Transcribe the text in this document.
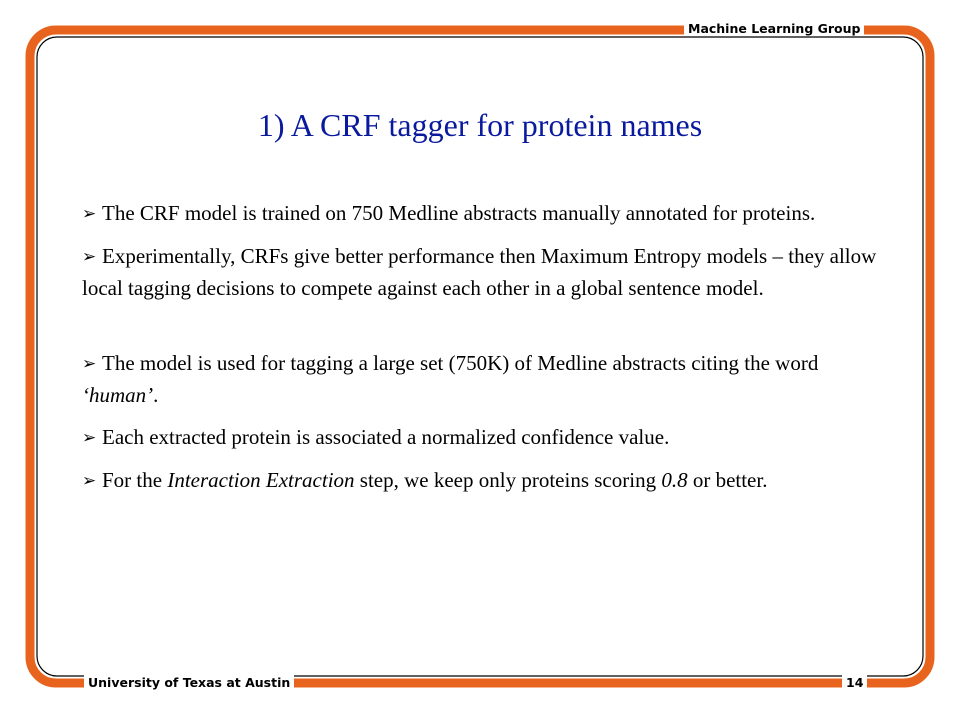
Machine Learning Group
University of Texas at Austin	14
1) A CRF tagger for protein names

➢ The CRF model is trained on 750 Medline abstracts manually annotated for proteins.

➢ Experimentally, CRFs give better performance then Maximum Entropy models – they allow local tagging decisions to compete against each other in a global sentence model.

➢ The model is used for tagging a large set (750K) of Medline abstracts citing the word ‘human’.

➢ Each extracted protein is associated a normalized confidence value.

➢ For the Interaction Extraction step, we keep only proteins scoring 0.8 or better.
